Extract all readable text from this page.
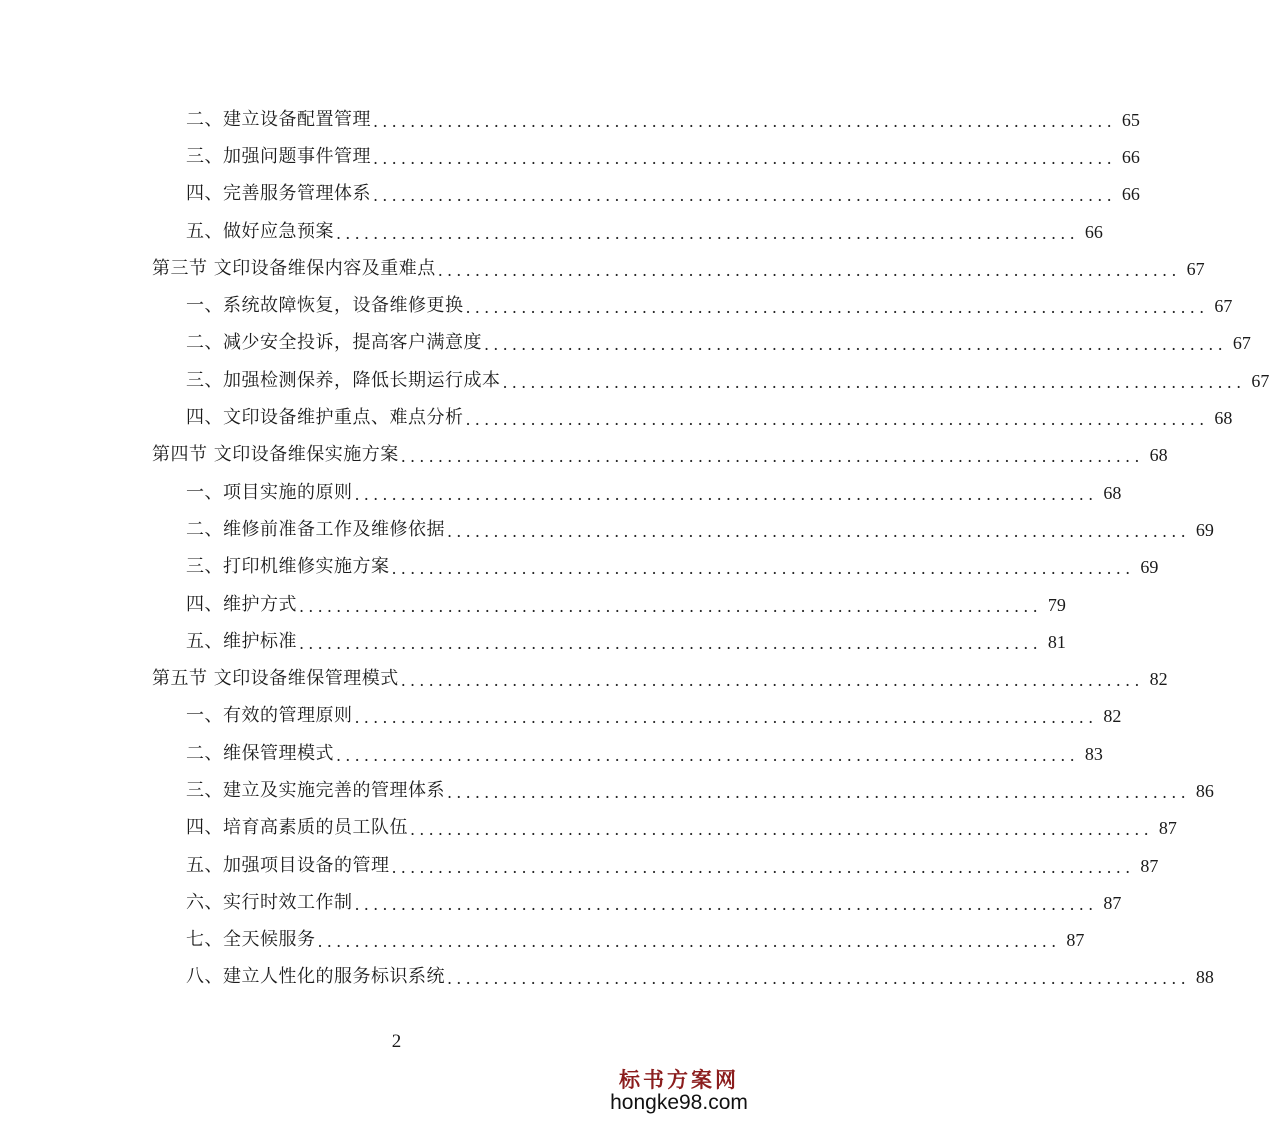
二、建立设备配置管理 ................................................................................ 65
三、加强问题事件管理 ................................................................................ 66
四、完善服务管理体系 ................................................................................ 66
五、做好应急预案 ................................................................................ 66
第三节 文印设备维保内容及重难点 ................................................................................ 67
一、系统故障恢复，设备维修更换 ................................................................................ 67
二、减少安全投诉，提高客户满意度 ................................................................................ 67
三、加强检测保养，降低长期运行成本 ................................................................................ 67
四、文印设备维护重点、难点分析 ................................................................................ 68
第四节 文印设备维保实施方案 ................................................................................ 68
一、项目实施的原则 ................................................................................ 68
二、维修前准备工作及维修依据 ................................................................................ 69
三、打印机维修实施方案 ................................................................................ 69
四、维护方式 ................................................................................ 79
五、维护标准 ................................................................................ 81
第五节 文印设备维保管理模式 ................................................................................ 82
一、有效的管理原则 ................................................................................ 82
二、维保管理模式 ................................................................................ 83
三、建立及实施完善的管理体系 ................................................................................ 86
四、培育高素质的员工队伍 ................................................................................ 87
五、加强项目设备的管理 ................................................................................ 87
六、实行时效工作制 ................................................................................ 87
七、全天候服务 ................................................................................ 87
八、建立人性化的服务标识系统 ................................................................................ 88
2
标书方案网
hongke98.com
